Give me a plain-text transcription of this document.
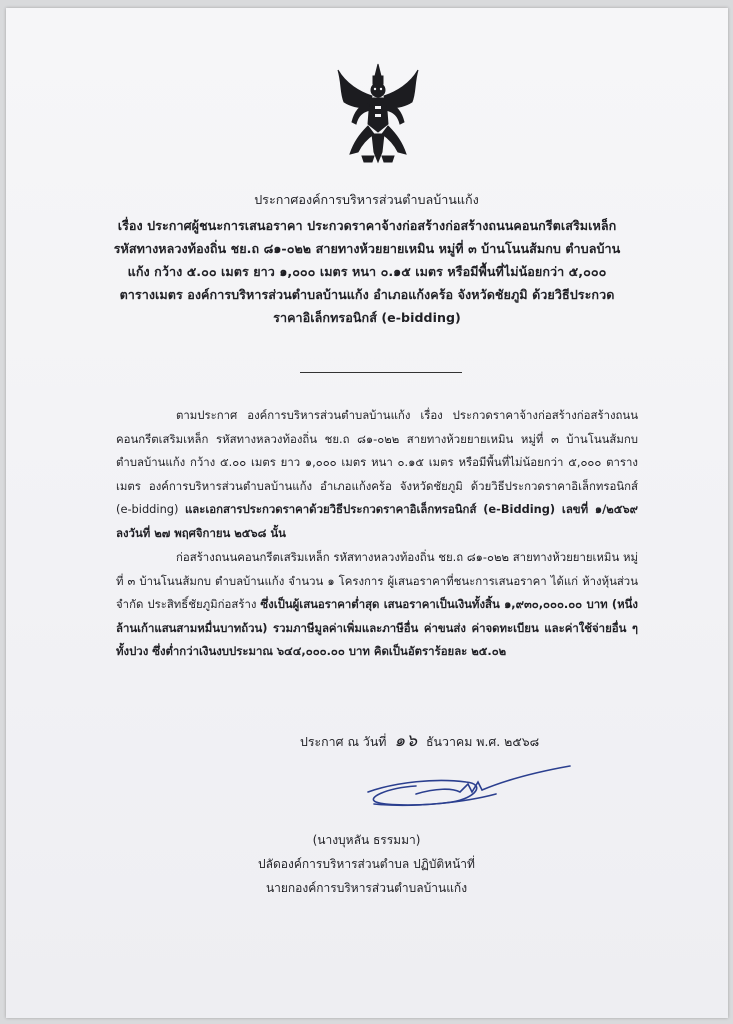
ประกาศองค์การบริหารส่วนตำบลบ้านแก้ง
เรื่อง ประกาศผู้ชนะการเสนอราคา ประกวดราคาจ้างก่อสร้างก่อสร้างถนนคอนกรีตเสริมเหล็ก รหัสทางหลวงท้องถิ่น ชย.ถ ๘๑-๐๒๒ สายทางห้วยยายเหมิน หมู่ที่ ๓ บ้านโนนส้มกบ ตำบลบ้านแก้ง กว้าง ๕.๐๐ เมตร ยาว ๑,๐๐๐ เมตร หนา ๐.๑๕ เมตร หรือมีพื้นที่ไม่น้อยกว่า ๕,๐๐๐ ตารางเมตร องค์การบริหารส่วนตำบลบ้านแก้ง อำเภอแก้งคร้อ จังหวัดชัยภูมิ ด้วยวิธีประกวดราคาอิเล็กทรอนิกส์ (e-bidding)
ตามประกาศ องค์การบริหารส่วนตำบลบ้านแก้ง เรื่อง ประกวดราคาจ้างก่อสร้างก่อสร้างถนนคอนกรีตเสริมเหล็ก รหัสทางหลวงท้องถิ่น ชย.ถ ๘๑-๐๒๒ สายทางห้วยยายเหมิน หมู่ที่ ๓ บ้านโนนส้มกบ ตำบลบ้านแก้ง กว้าง ๕.๐๐ เมตร ยาว ๑,๐๐๐ เมตร หนา ๐.๑๕ เมตร หรือมีพื้นที่ไม่น้อยกว่า ๕,๐๐๐ ตารางเมตร องค์การบริหารส่วนตำบลบ้านแก้ง อำเภอแก้งคร้อ จังหวัดชัยภูมิ ด้วยวิธีประกวดราคาอิเล็กทรอนิกส์ (e-bidding) และเอกสารประกวดราคาด้วยวิธีประกวดราคาอิเล็กทรอนิกส์ (e-Bidding) เลขที่ ๑/๒๕๖๙ ลงวันที่ ๒๗ พฤศจิกายน ๒๕๖๘ นั้น
ก่อสร้างถนนคอนกรีตเสริมเหล็ก รหัสทางหลวงท้องถิ่น ชย.ถ ๘๑-๐๒๒ สายทางห้วยยายเหมิน หมู่ที่ ๓ บ้านโนนส้มกบ ตำบลบ้านแก้ง จำนวน ๑ โครงการ ผู้เสนอราคาที่ชนะการเสนอราคา ได้แก่ ห้างหุ้นส่วนจำกัด ประสิทธิ์ชัยภูมิก่อสร้าง ซึ่งเป็นผู้เสนอราคาต่ำสุด เสนอราคาเป็นเงินทั้งสิ้น ๑,๙๓๐,๐๐๐.๐๐ บาท (หนึ่งล้านเก้าแสนสามหมื่นบาทถ้วน) รวมภาษีมูลค่าเพิ่มและภาษีอื่น ค่าขนส่ง ค่าจดทะเบียน และค่าใช้จ่ายอื่น ๆ ทั้งปวง ซึ่งต่ำกว่าเงินงบประมาณ ๖๔๔,๐๐๐.๐๐ บาท คิดเป็นอัตราร้อยละ ๒๕.๐๒
ประกาศ ณ วันที่ ๑๖ ธันวาคม พ.ศ. ๒๕๖๘
(นางบุหลัน ธรรมมา)
ปลัดองค์การบริหารส่วนตำบล ปฏิบัติหน้าที่
นายกองค์การบริหารส่วนตำบลบ้านแก้ง
